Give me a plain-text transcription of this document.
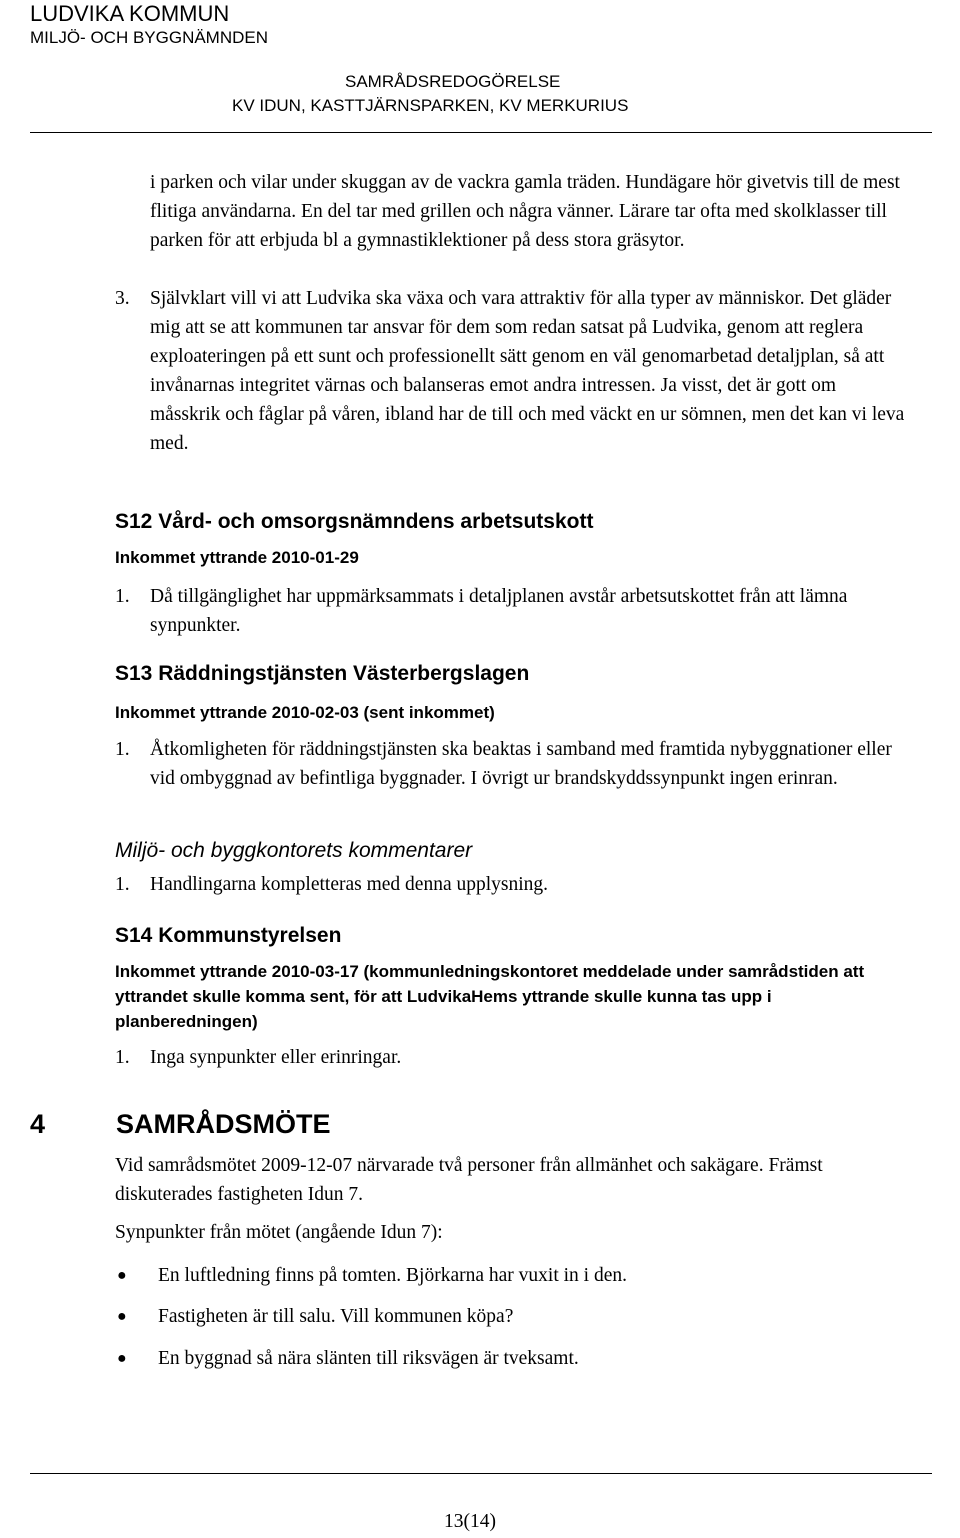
LUDVIKA KOMMUN
MILJÖ- OCH BYGGNÄMNDEN
SAMRÅDSREDOGÖRELSE
KV IDUN, KASTTJÄRNSPARKEN, KV MERKURIUS

i parken och vilar under skuggan av de vackra gamla träden. Hundägare hör givetvis till de mest flitiga användarna. En del tar med grillen och några vänner. Lärare tar ofta med skolklasser till parken för att erbjuda bl a gymnastiklektioner på dess stora gräsytor.

3.	Självklart vill vi att Ludvika ska växa och vara attraktiv för alla typer av människor. Det gläder mig att se att kommunen tar ansvar för dem som redan satsat på Ludvika, genom att reglera exploateringen på ett sunt och professionellt sätt genom en väl genomarbetad detaljplan, så att invånarnas integritet värnas och balanseras emot andra intressen. Ja visst, det är gott om måsskrik och fåglar på våren, ibland har de till och med väckt en ur sömnen, men det kan vi leva med.
S12 Vård- och omsorgsnämndens arbetsutskott
Inkommet yttrande 2010-01-29
1.	Då tillgänglighet har uppmärksammats i detaljplanen avstår arbetsutskottet från att lämna synpunkter.
S13 Räddningstjänsten Västerbergslagen
Inkommet yttrande 2010-02-03 (sent inkommet)
1.	Åtkomligheten för räddningstjänsten ska beaktas i samband med framtida nybyggnationer eller vid ombyggnad av befintliga byggnader. I övrigt ur brandskyddssynpunkt ingen erinran.
Miljö- och byggkontorets kommentarer
1.	Handlingarna kompletteras med denna upplysning.
S14 Kommunstyrelsen
Inkommet yttrande 2010-03-17 (kommunledningskontoret meddelade under samrådstiden att yttrandet skulle komma sent, för att LudvikaHems yttrande skulle kunna tas upp i planberedningen)
1.	Inga synpunkter eller erinringar.
4	SAMRÅDSMÖTE

Vid samrådsmötet 2009-12-07 närvarade två personer från allmänhet och sakägare. Främst diskuterades fastigheten Idun 7.

Synpunkter från mötet (angående Idun 7):

●	En luftledning finns på tomten. Björkarna har vuxit in i den.
●	Fastigheten är till salu. Vill kommunen köpa?
●	En byggnad så nära slänten till riksvägen är tveksamt.
13(14)
